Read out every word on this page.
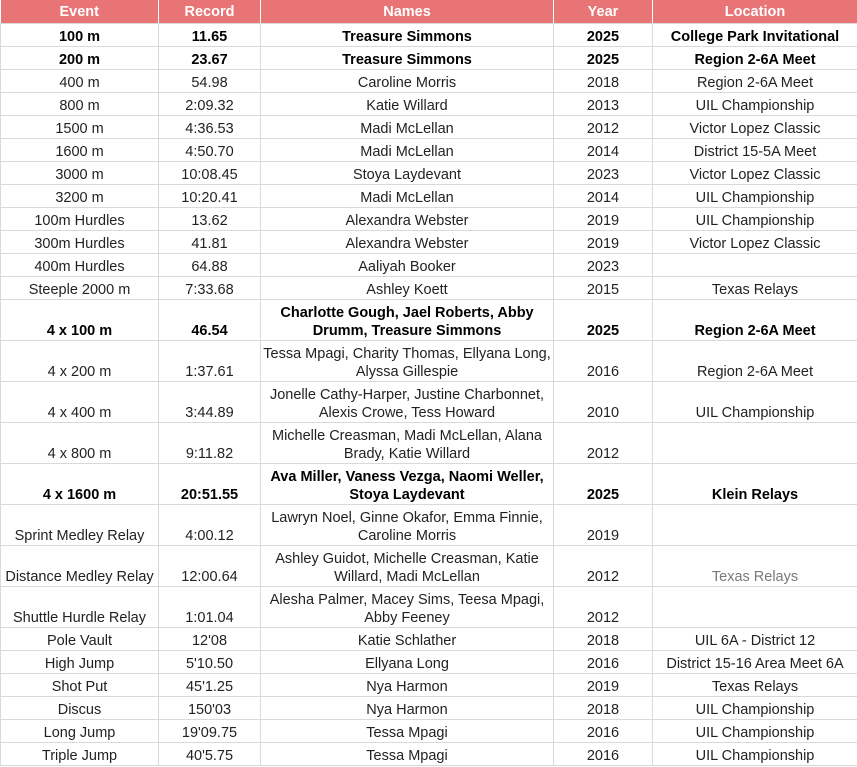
Event	Record	Names	Year	Location
100 m	11.65	Treasure Simmons	2025	College Park Invitational
200 m	23.67	Treasure Simmons	2025	Region 2-6A Meet
400 m	54.98	Caroline Morris	2018	Region 2-6A Meet
800 m	2:09.32	Katie Willard	2013	UIL Championship
1500 m	4:36.53	Madi McLellan	2012	Victor Lopez Classic
1600 m	4:50.70	Madi McLellan	2014	District 15-5A Meet
3000 m	10:08.45	Stoya Laydevant	2023	Victor Lopez Classic
3200 m	10:20.41	Madi McLellan	2014	UIL Championship
100m Hurdles	13.62	Alexandra Webster	2019	UIL Championship
300m Hurdles	41.81	Alexandra Webster	2019	Victor Lopez Classic
400m Hurdles	64.88	Aaliyah Booker	2023	
Steeple 2000 m	7:33.68	Ashley Koett	2015	Texas Relays
4 x 100 m	46.54	Charlotte Gough, Jael Roberts, Abby Drumm, Treasure Simmons	2025	Region 2-6A Meet
4 x 200 m	1:37.61	Tessa Mpagi, Charity Thomas, Ellyana Long, Alyssa Gillespie	2016	Region 2-6A Meet
4 x 400 m	3:44.89	Jonelle Cathy-Harper, Justine Charbonnet, Alexis Crowe, Tess Howard	2010	UIL Championship
4 x 800 m	9:11.82	Michelle Creasman, Madi McLellan, Alana Brady, Katie Willard	2012	
4 x 1600 m	20:51.55	Ava Miller, Vaness Vezga, Naomi Weller, Stoya Laydevant	2025	Klein Relays
Sprint Medley Relay	4:00.12	Lawryn Noel, Ginne Okafor, Emma Finnie, Caroline Morris	2019	
Distance Medley Relay	12:00.64	Ashley Guidot, Michelle Creasman, Katie Willard, Madi McLellan	2012	Texas Relays
Shuttle Hurdle Relay	1:01.04	Alesha Palmer, Macey Sims, Teesa Mpagi, Abby Feeney	2012	
Pole Vault	12'08	Katie Schlather	2018	UIL 6A - District 12
High Jump	5'10.50	Ellyana Long	2016	District 15-16 Area Meet 6A
Shot Put	45'1.25	Nya Harmon	2019	Texas Relays
Discus	150'03	Nya Harmon	2018	UIL Championship
Long Jump	19'09.75	Tessa Mpagi	2016	UIL Championship
Triple Jump	40'5.75	Tessa Mpagi	2016	UIL Championship
